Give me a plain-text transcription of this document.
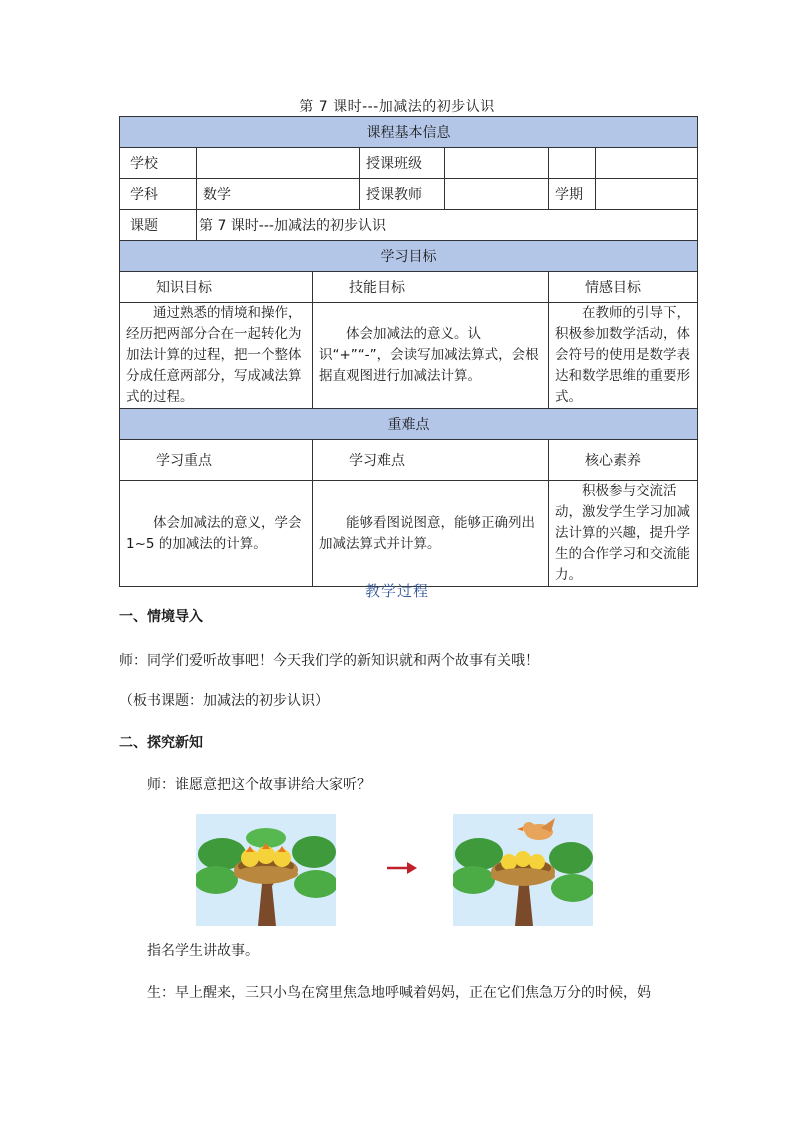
第 7 课时---加减法的初步认识
课程基本信息						
学校			授课班级			
学科	数学		授课教师		学期	
课题	第 7 课时---加减法的初步认识					
学习目标						
知识目标		技能目标			情感目标	
通过熟悉的情境和操作，经历把两部分合在一起转化为加法计算的过程，把一个整体分成任意两部分，写成减法算式的过程。		体会加减法的意义。认识“+”“-”，会读写加减法算式，会根据直观图进行加减法计算。			在教师的引导下，积极参加数学活动，体会符号的使用是数学表达和数学思维的重要形式。	
重难点						
学习重点		学习难点			核心素养	
体会加减法的意义，学会 1~5 的加减法的计算。		能够看图说图意，能够正确列出加减法算式并计算。			积极参与交流活动，激发学生学习加减法计算的兴趣，提升学生的合作学习和交流能力。	
教学过程
一、情境导入
师：同学们爱听故事吧！今天我们学的新知识就和两个故事有关哦！
（板书课题：加减法的初步认识）
二、探究新知
师：谁愿意把这个故事讲给大家听？
指名学生讲故事。
生：早上醒来，三只小鸟在窝里焦急地呼喊着妈妈，正在它们焦急万分的时候，妈
